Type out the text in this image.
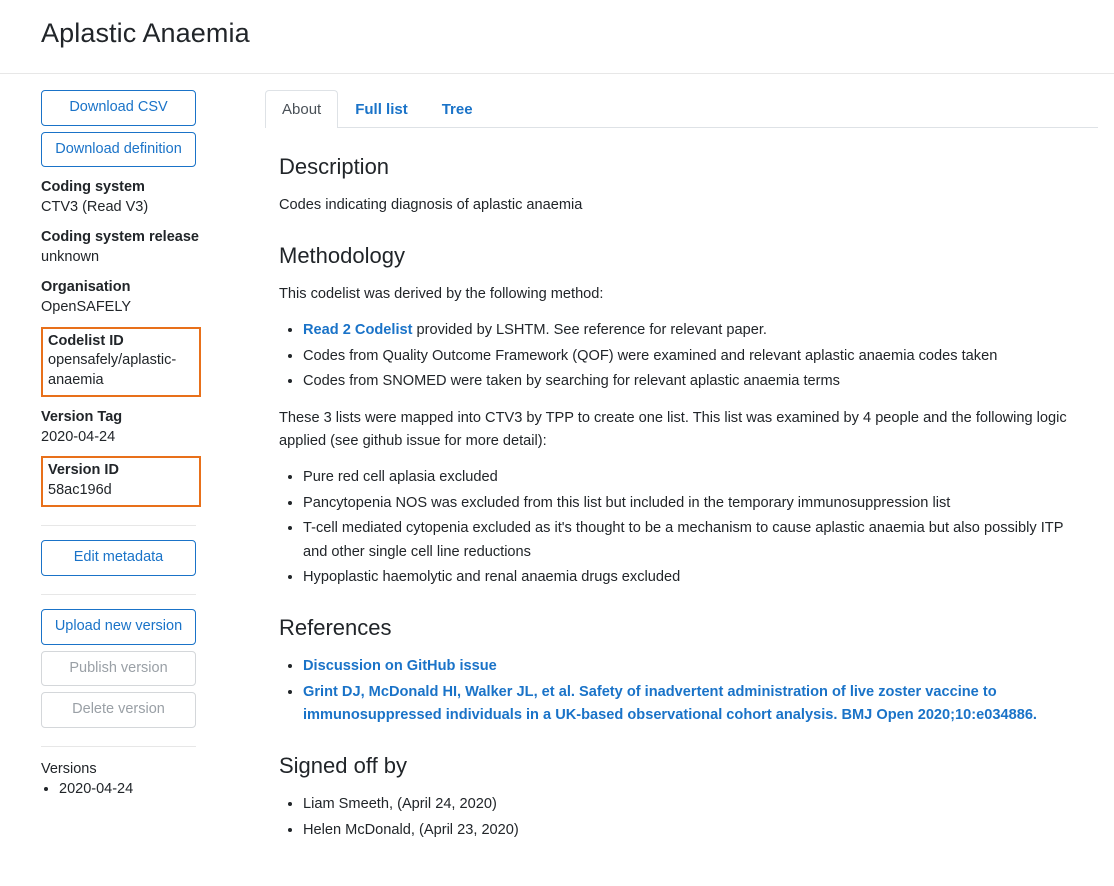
Aplastic Anaemia
Download CSV
Download definition
Coding system
CTV3 (Read V3)
Coding system release
unknown
Organisation
OpenSAFELY
Codelist ID
opensafely/aplastic-anaemia
Version Tag
2020-04-24
Version ID
58ac196d
Edit metadata
Upload new version
Publish version
Delete version
Versions
• 2020-04-24
About	Full list	Tree
Description

Codes indicating diagnosis of aplastic anaemia

Methodology

This codelist was derived by the following method:

• Read 2 Codelist provided by LSHTM. See reference for relevant paper.
• Codes from Quality Outcome Framework (QOF) were examined and relevant aplastic anaemia codes taken
• Codes from SNOMED were taken by searching for relevant aplastic anaemia terms

These 3 lists were mapped into CTV3 by TPP to create one list. This list was examined by 4 people and the following logic applied (see github issue for more detail):

• Pure red cell aplasia excluded
• Pancytopenia NOS was excluded from this list but included in the temporary immunosuppression list
• T-cell mediated cytopenia excluded as it's thought to be a mechanism to cause aplastic anaemia but also possibly ITP and other single cell line reductions
• Hypoplastic haemolytic and renal anaemia drugs excluded
References
• Discussion on GitHub issue
• Grint DJ, McDonald HI, Walker JL, et al. Safety of inadvertent administration of live zoster vaccine to immunosuppressed individuals in a UK-based observational cohort analysis. BMJ Open 2020;10:e034886.
Signed off by
• Liam Smeeth, (April 24, 2020)
• Helen McDonald, (April 23, 2020)
